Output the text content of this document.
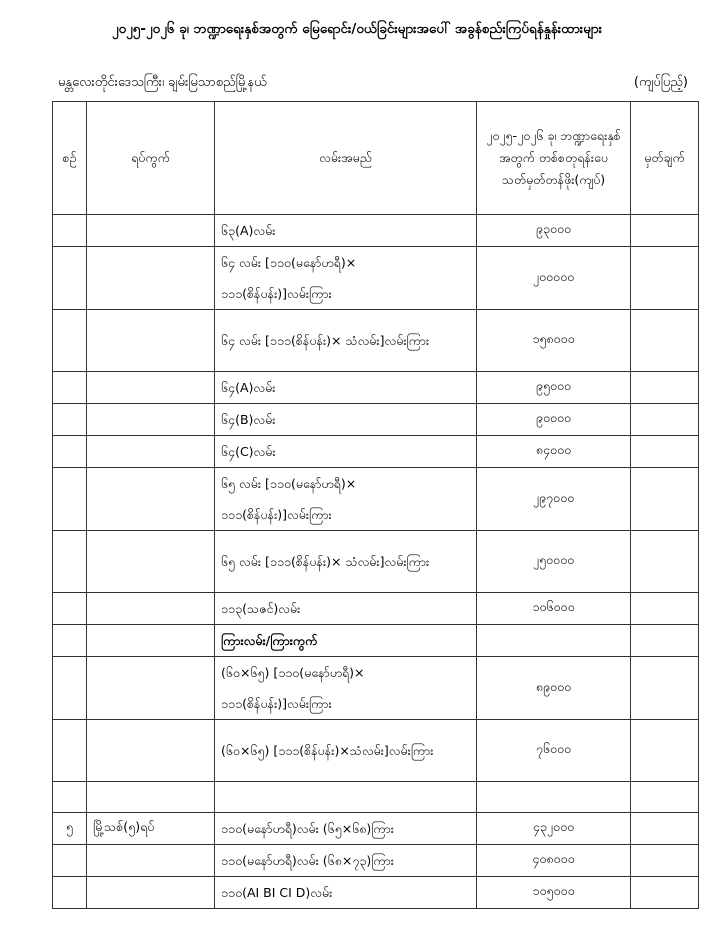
၂၀၂၅-၂၀၂၆ ခု၊ ဘဏ္ဍာရေးနှစ်အတွက် မြေရောင်း/ဝယ်ခြင်းများအပေါ် အခွန်စည်းကြပ်ရန်နှုန်းထားများ
မန္တလေးတိုင်းဒေသကြီး၊ ချမ်းမြသာစည်မြို့နယ်	(ကျပ်ပြည့်)
စဉ်	ရပ်ကွက်	လမ်းအမည်	၂၀၂၅-၂၀၂၆ ခု၊ ဘဏ္ဍာရေးနှစ်အတွက် တစ်စတုရန်းပေ သတ်မှတ်တန်ဖိုး(ကျပ်)	မှတ်ချက်
		၆၃(A)လမ်း	၉၃၀၀၀	
		၆၄ လမ်း [၁၁၀(မနော်ဟရီ)× ၁၁၁(စိန်ပန်း)]လမ်းကြား	၂၀၀၀၀၀	
		၆၄ လမ်း [၁၁၁(စိန်ပန်း)× သံလမ်း]လမ်းကြား	၁၅၈၀၀၀	
		၆၄(A)လမ်း	၉၅၀၀၀	
		၆၄(B)လမ်း	၉၀၀၀၀	
		၆၄(C)လမ်း	၈၄၀၀၀	
		၆၅ လမ်း [၁၁၀(မနော်ဟရီ)× ၁၁၁(စိန်ပန်း)]လမ်းကြား	၂၉၇၀၀၀	
		၆၅ လမ်း [၁၁၁(စိန်ပန်း)× သံလမ်း]လမ်းကြား	၂၅၀၀၀၀	
		၁၁၃(သဇင်)လမ်း	၁၀၆၀၀၀	
		ကြားလမ်း/ကြားကွက်		
		(၆၀×၆၅) [၁၁၀(မနော်ဟရီ)× ၁၁၁(စိန်ပန်း)]လမ်းကြား	၈၉၀၀၀	
		(၆၀×၆၅) [၁၁၁(စိန်ပန်း)×သံလမ်း]လမ်းကြား	၇၆၀၀၀	

၅	မြို့သစ်(၅)ရပ်	၁၁၀(မနော်ဟရီ)လမ်း (၆၅×၆၈)ကြား	၄၃၂၀၀၀	
		၁၁၀(မနော်ဟရီ)လမ်း (၆၈×၇၃)ကြား	၄၀၈၀၀၀	
		၁၁၀(AI BI CI D)လမ်း	၁၀၅၀၀၀	
